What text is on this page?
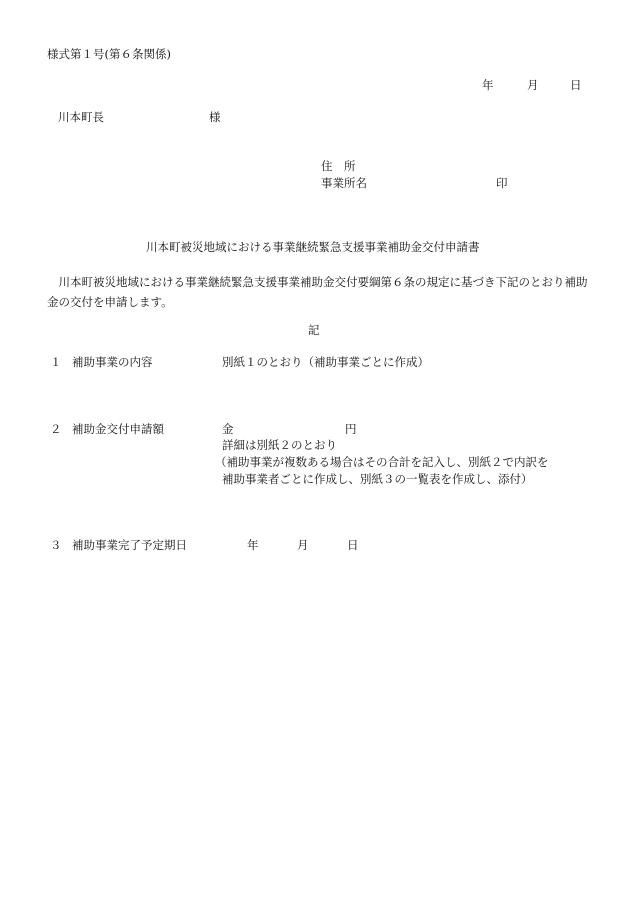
様式第１号(第６条関係)
年	月	日
川本町長	様
住　所
事業所名	印
川本町被災地域における事業継続緊急支援事業補助金交付申請書
　川本町被災地域における事業継続緊急支援事業補助金交付要綱第６条の規定に基づき下記のとおり補助金の交付を申請します。
記
１ 補助事業の内容	別紙１のとおり（補助事業ごとに作成）
２ 補助金交付申請額	金	円
詳細は別紙２のとおり
（補助事業が複数ある場合はその合計を記入し、別紙２で内訳を
補助事業者ごとに作成し、別紙３の一覧表を作成し、添付）
３ 補助事業完了予定期日	年	月	日
